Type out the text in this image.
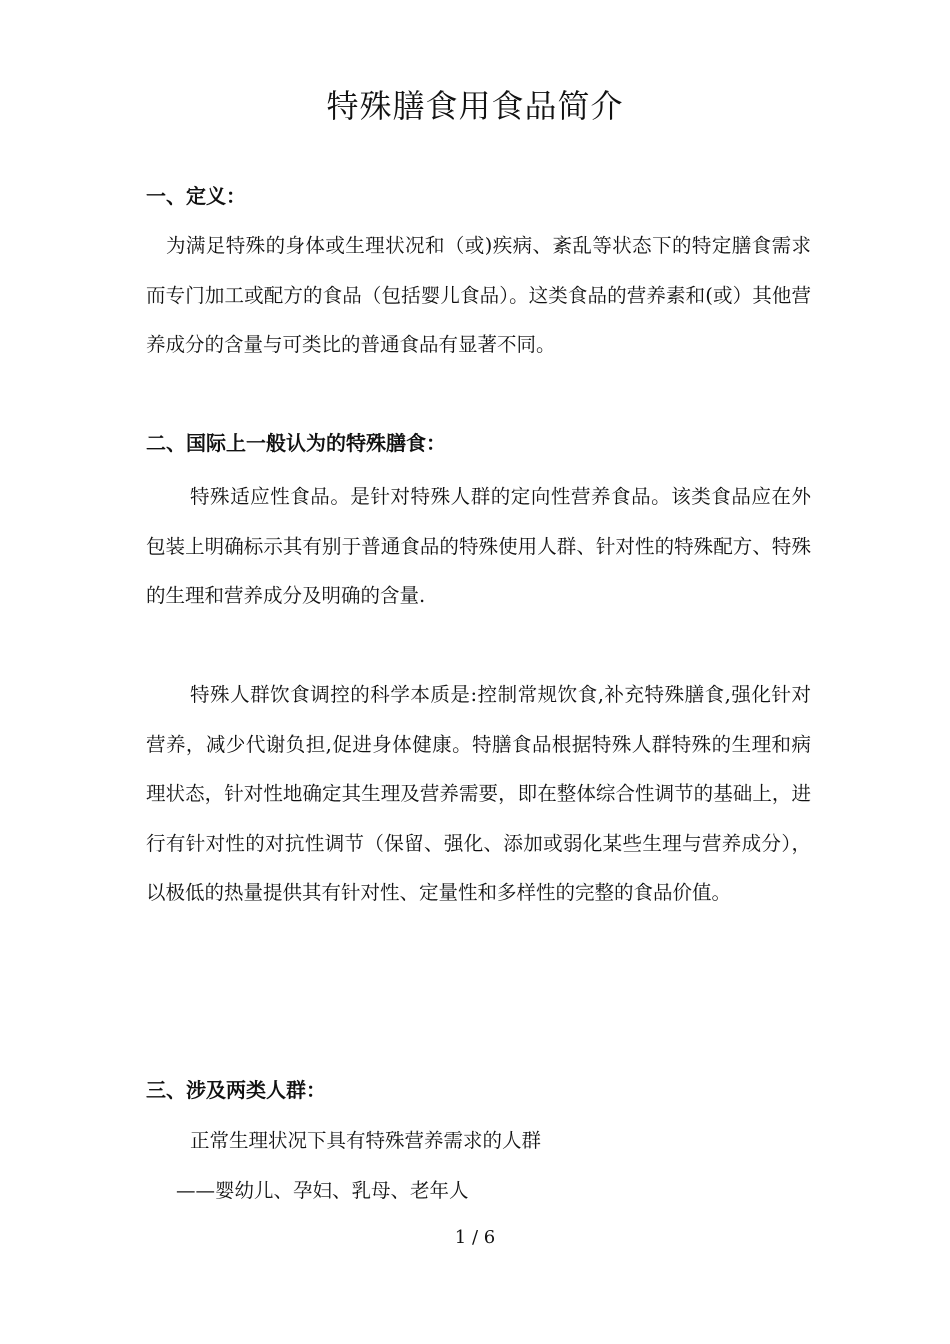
特殊膳食用食品简介
一、定义：
为满足特殊的身体或生理状况和（或)疾病、紊乱等状态下的特定膳食需求而专门加工或配方的食品（包括婴儿食品）。这类食品的营养素和(或）其他营养成分的含量与可类比的普通食品有显著不同。
二、国际上一般认为的特殊膳食：
特殊适应性食品。是针对特殊人群的定向性营养食品。该类食品应在外包装上明确标示其有别于普通食品的特殊使用人群、针对性的特殊配方、特殊的生理和营养成分及明确的含量.
特殊人群饮食调控的科学本质是:控制常规饮食,补充特殊膳食,强化针对营养，减少代谢负担,促进身体健康。特膳食品根据特殊人群特殊的生理和病理状态，针对性地确定其生理及营养需要，即在整体综合性调节的基础上，进行有针对性的对抗性调节（保留、强化、添加或弱化某些生理与营养成分），以极低的热量提供其有针对性、定量性和多样性的完整的食品价值。
三、涉及两类人群：
正常生理状况下具有特殊营养需求的人群
——婴幼儿、孕妇、乳母、老年人
1 / 6
